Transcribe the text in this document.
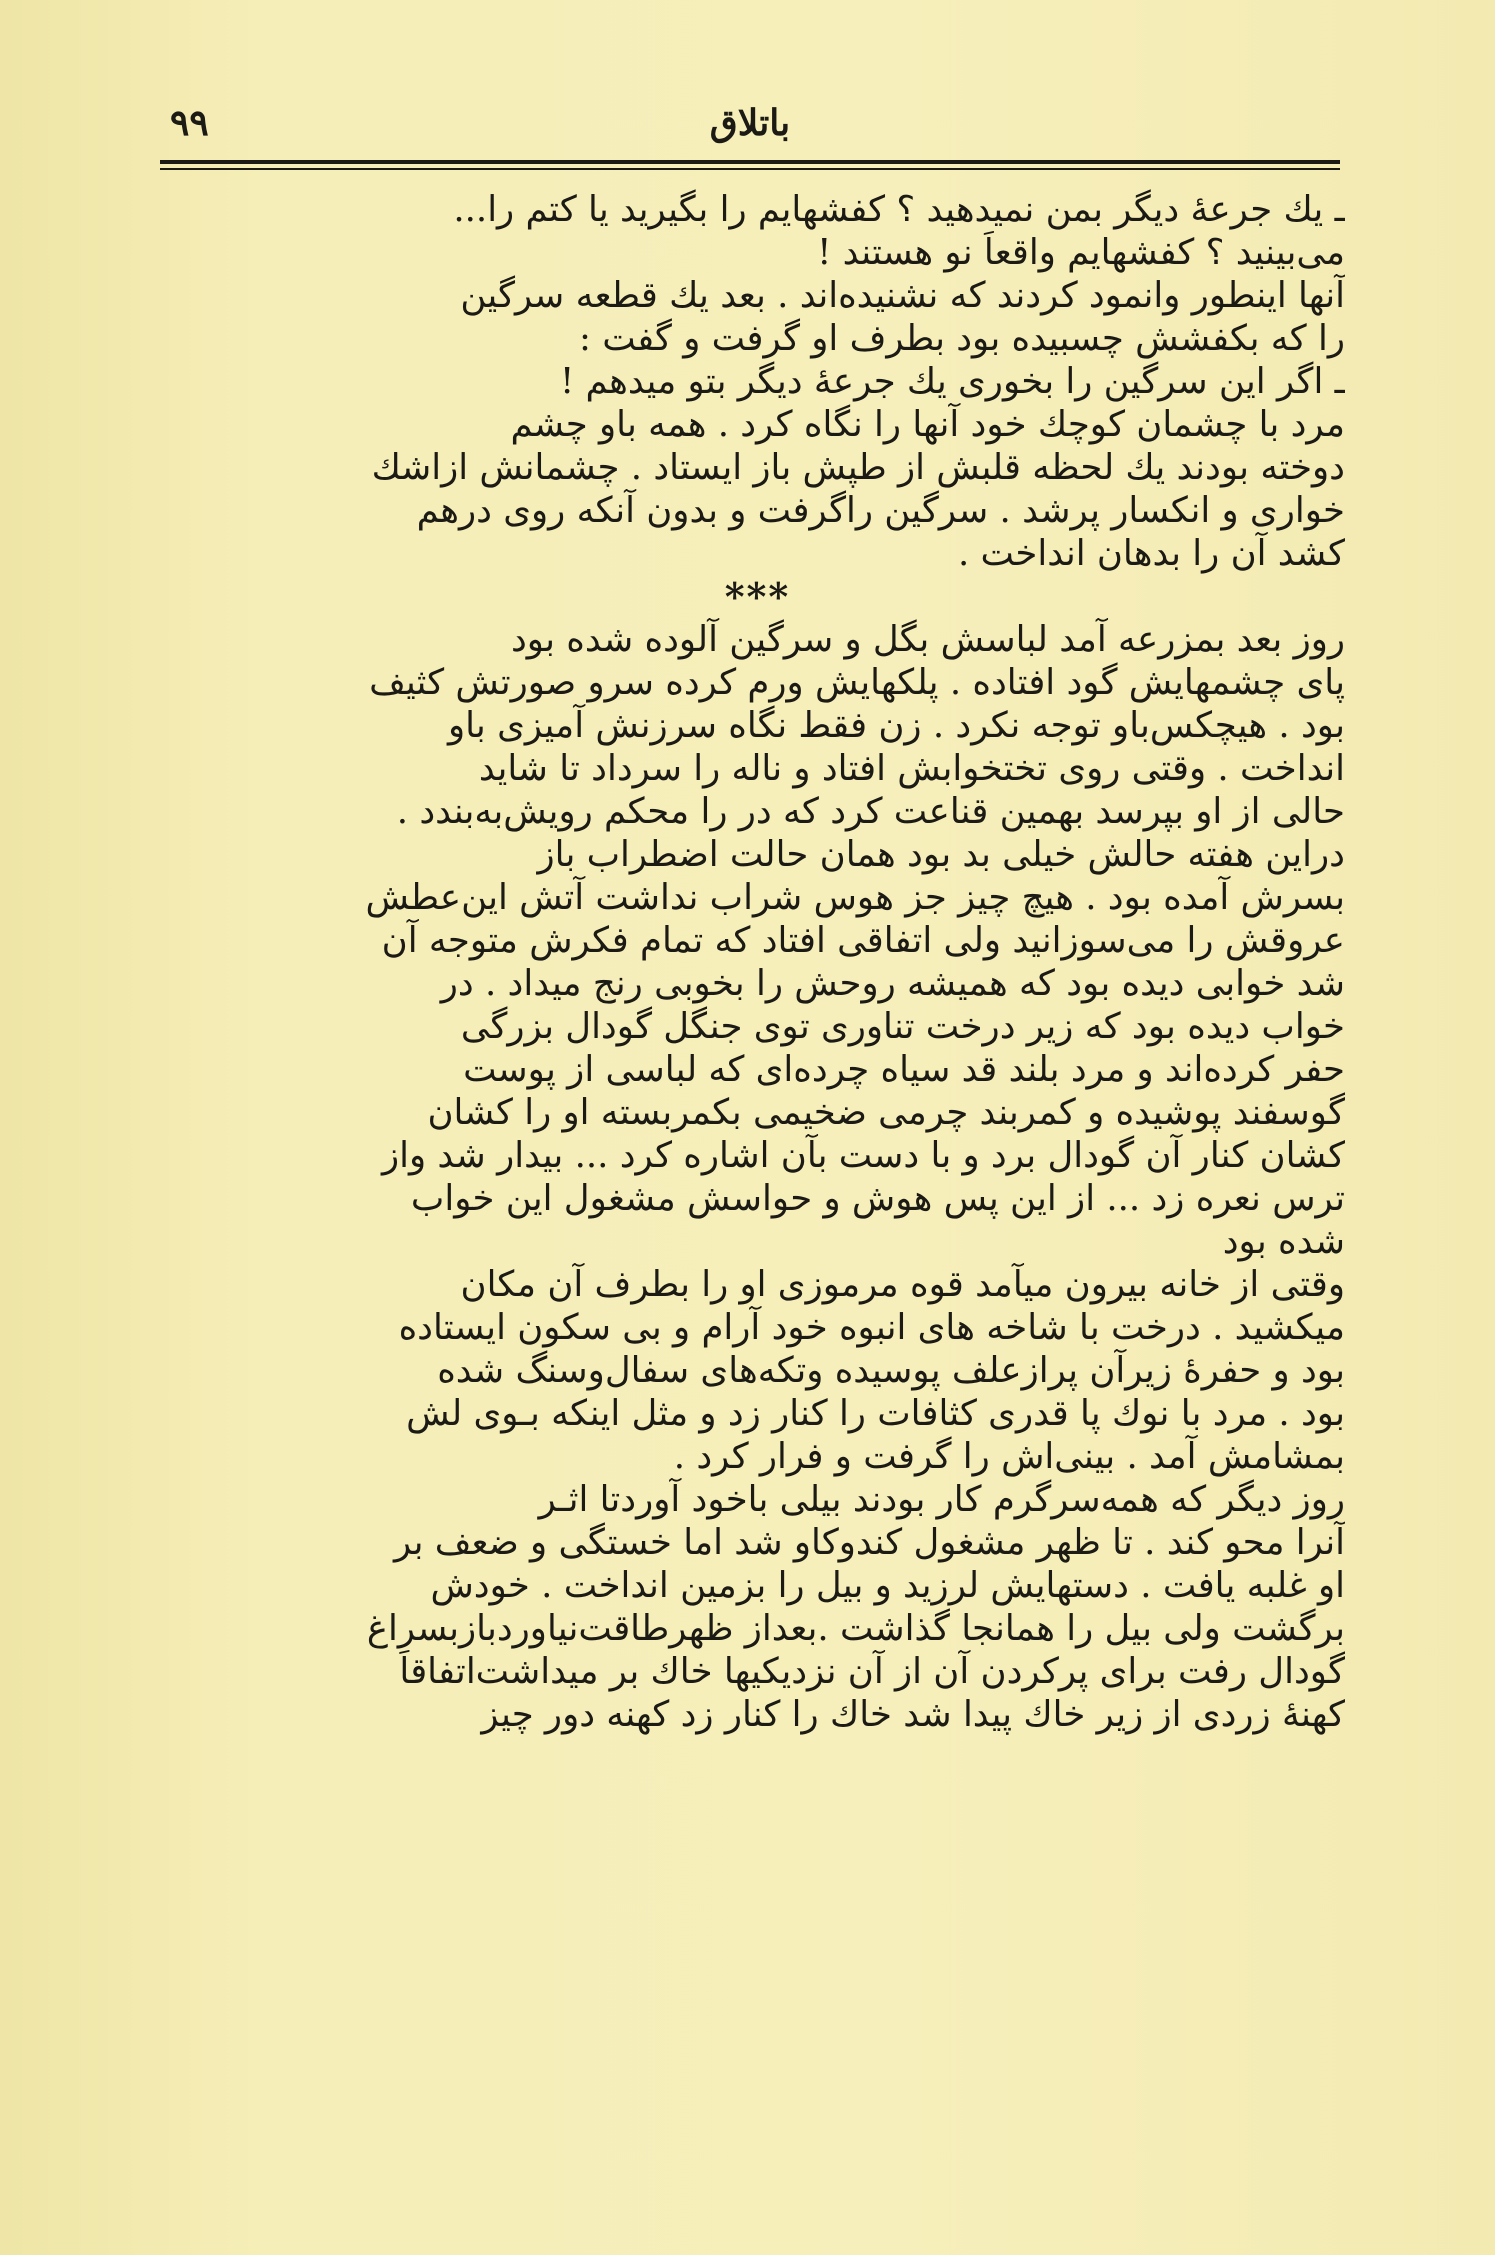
۹۹	باتلاق
ـ يك جرعهٔ ديگر بمن نميدهيد ؟ كفشهايم را بگيريد يا كتم را...
مى‌بينيد ؟ كفشهايم واقعاً نو هستند !
آنها اينطور وانمود كردند كه نشنيده‌اند . بعد يك قطعه سرگين
را كه بكفشش چسبيده بود بطرف او گرفت و گفت :
ـ اگر اين سرگين را بخورى يك جرعهٔ ديگر بتو ميدهم !
مرد با چشمان كوچك خود آنها را نگاه كرد . همه باو چشم
دوخته بودند يك لحظه قلبش از طپش باز ايستاد . چشمانش ازاشك
خوارى و انكسار پرشد . سرگين راگرفت و بدون آنكه روى درهم
كشد آن را بدهان انداخت .
***
روز بعد بمزرعه آمد لباسش بگل و سرگين آلوده شده بود
پاى چشمهايش گود افتاده . پلكهايش ورم كرده سرو صورتش كثيف
بود . هيچكس‌باو توجه نكرد . زن فقط نگاه سرزنش آميزى باو
انداخت . وقتى روى تختخوابش افتاد و ناله را سرداد تا شايد
حالى از او بپرسد بهمين قناعت كرد كه در را محكم رويش‌به‌بندد .
دراين هفته حالش خيلى بد بود همان حالت اضطراب باز
بسرش آمده بود . هيچ چيز جز هوس شراب نداشت آتش اين‌عطش
عروقش را مى‌سوزانيد ولى اتفاقى افتاد كه تمام فكرش متوجه آن
شد خوابى ديده بود كه هميشه روحش را بخوبى رنج ميداد . در
خواب ديده بود كه زير درخت تناورى توى جنگل گودال بزرگى
حفر كرده‌اند و مرد بلند قد سياه چرده‌اى كه لباسى از پوست
گوسفند پوشيده و كمربند چرمى ضخيمى بكمربسته او را كشان
كشان كنار آن گودال برد و با دست بآن اشاره كرد ... بيدار شد واز
ترس نعره زد ... از اين پس هوش و حواسش مشغول اين خواب
شده بود
وقتى از خانه بيرون ميآمد قوه مرموزى او را بطرف آن مكان
ميكشيد . درخت با شاخه هاى انبوه خود آرام و بى سكون ايستاده
بود و حفرهٔ زيرآن پرازعلف پوسيده وتكه‌هاى سفال‌وسنگ شده
بود . مرد با نوك پا قدرى كثافات را كنار زد و مثل اينكه بـوى لش
بمشامش آمد . بينى‌اش را گرفت و فرار كرد .
روز ديگر كه همه‌سرگرم كار بودند بيلى باخود آوردتا اثـر
آنرا محو كند . تا ظهر مشغول كندوكاو شد اما خستگى و ضعف بر
او غلبه يافت . دستهايش لرزيد و بيل را بزمين انداخت . خودش
برگشت ولى بيل را همانجا گذاشت .بعداز ظهرطاقت‌نياوردبازبسراغ
گودال رفت براى پركردن آن از آن نزديكيها خاك بر ميداشت‌اتفاقاً
كهنهٔ زردى از زير خاك پيدا شد خاك را كنار زد كهنه دور چيز
